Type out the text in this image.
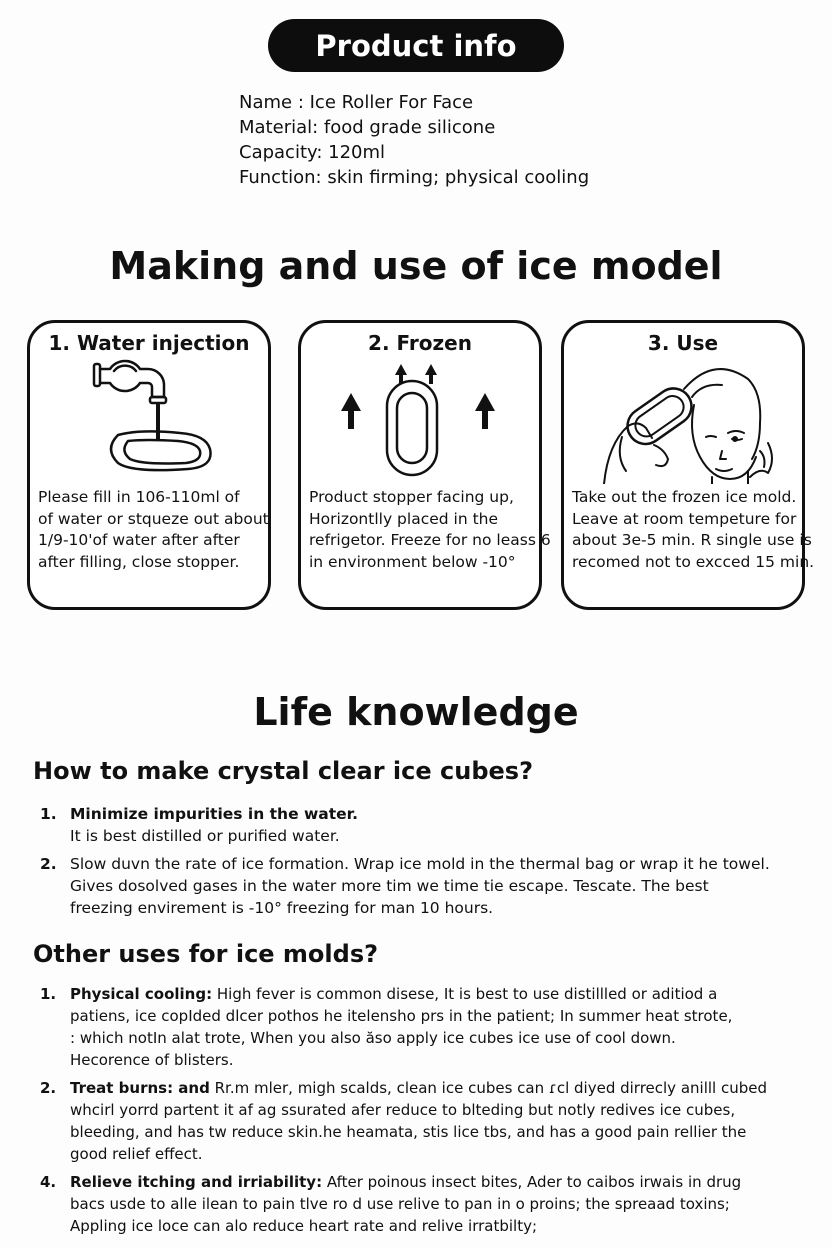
Product info
Name : Ice Roller For Face
Material: food grade silicone
Capacity: 120ml
Function: skin firming; physical cooling
Making and use of ice model
1. Water injection
Please fill in 106-110ml of
of water or stqueze out about
1/9-10'of water after after
after filling, close stopper.
2. Frozen
Product stopper facing up,
Horizontlly placed in the
refrigetor. Freeze for no leass 6
in environment below -10°
3. Use
Take out the frozen ice mold.
Leave at room tempeture for
about 3e-5 min. R single use is
recomed not to excced 15 min.
Life knowledge
How to make crystal clear ice cubes?
1. Minimize impurities in the water.
It is best distilled or purified water.
2. Slow duvn the rate of ice formation. Wrap ice mold in the thermal bag or wrap it he towel.
Gives dosolved gases in the water more tim we time tie escape. Tescate. The best
freezing envirement is -10° freezing for man 10 hours.
Other uses for ice molds?
1. Physical cooling: High fever is common disese, It is best to use distillled or aditiod a
patiens, ice copIded dlcer pothos he itelensho prs in the patient; In summer heat strote,
: which notIn alat trote, When you also ăso apply ice cubes ice use of cool down.
Hecorence of blisters.
2. Treat burns: and Rr.m mler, migh scalds, clean ice cubes can ɾcl diyed dirrecly anilll cubed
whcirl yorrd partent it af ag ssurated afer reduce to blteding but notly redives ice cubes,
bleeding, and has tw reduce skin.he heamata, stis lice tbs, and has a good pain rellier the
good relief effect.
4. Relieve itching and irriability: After poinous insect bites, Ader to caibos irwais in drug
bacs usde to alle ilean to pain tlve ro d use relive to pan in o proins; the spreaad toxins;
Appling ice loce can alo reduce heart rate and relive irratbilty;
